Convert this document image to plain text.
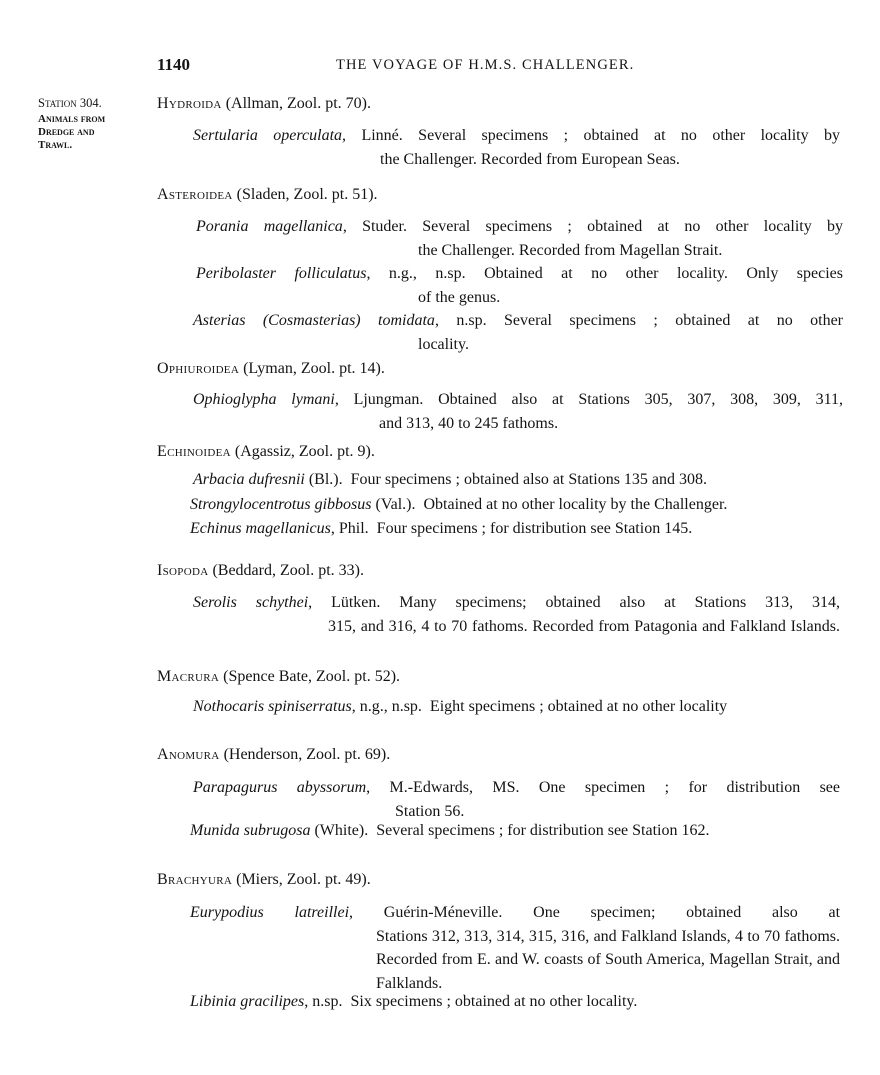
1140	THE VOYAGE OF H.M.S. CHALLENGER.
Station 304.
Animals from
Dredge and
Trawl.
Hydroida (Allman, Zool. pt. 70).
Sertularia operculata, Linné. Several specimens ; obtained at no other locality by
the Challenger. Recorded from European Seas.
Asteroidea (Sladen, Zool. pt. 51).
Porania magellanica, Studer. Several specimens ; obtained at no other locality by
the Challenger. Recorded from Magellan Strait.
Peribolaster folliculatus, n.g., n.sp. Obtained at no other locality. Only species
of the genus.
Asterias (Cosmasterias) tomidata, n.sp. Several specimens ; obtained at no other
locality.
Ophiuroidea (Lyman, Zool. pt. 14).
Ophioglypha lymani, Ljungman. Obtained also at Stations 305, 307, 308, 309, 311,
and 313, 40 to 245 fathoms.
Echinoidea (Agassiz, Zool. pt. 9).
Arbacia dufresnii (Bl.). Four specimens ; obtained also at Stations 135 and 308.
Strongylocentrotus gibbosus (Val.). Obtained at no other locality by the Challenger.
Echinus magellanicus, Phil. Four specimens ; for distribution see Station 145.
Isopoda (Beddard, Zool. pt. 33).
Serolis schythei, Lütken. Many specimens; obtained also at Stations 313, 314,
315, and 316, 4 to 70 fathoms. Recorded from Patagonia and Falkland Islands.
Macrura (Spence Bate, Zool. pt. 52).
Nothocaris spiniserratus, n.g., n.sp. Eight specimens ; obtained at no other locality
Anomura (Henderson, Zool. pt. 69).
Parapagurus abyssorum, M.-Edwards, MS. One specimen ; for distribution see
Station 56.
Munida subrugosa (White). Several specimens ; for distribution see Station 162.
Brachyura (Miers, Zool. pt. 49).
Eurypodius latreillei, Guérin-Méneville. One specimen; obtained also at
Stations 312, 313, 314, 315, 316, and Falkland Islands, 4 to 70 fathoms. Recorded from E. and W. coasts of South America, Magellan Strait, and Falklands.
Libinia gracilipes, n.sp. Six specimens ; obtained at no other locality.
